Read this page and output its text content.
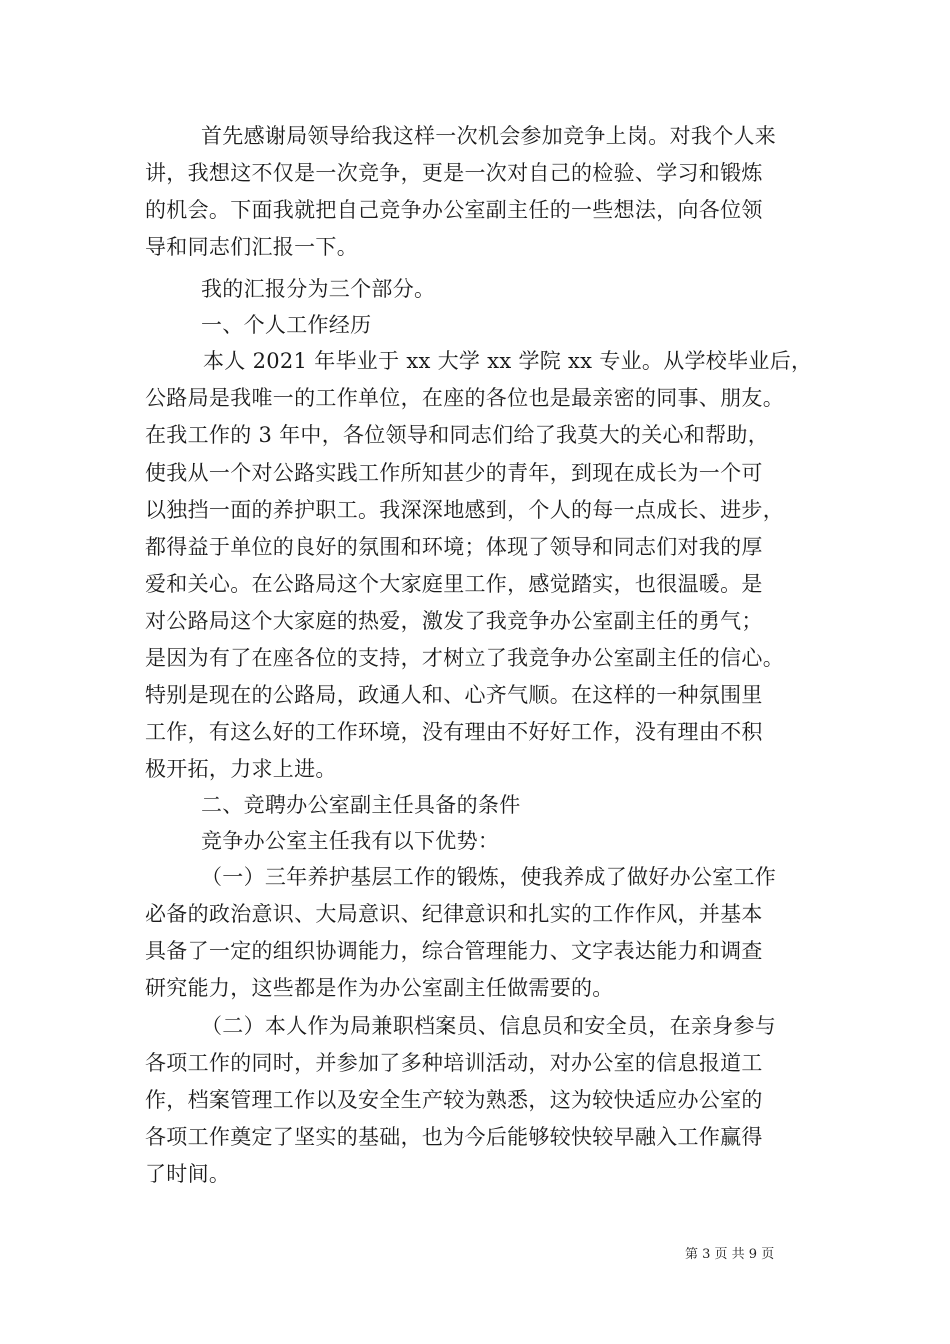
首先感谢局领导给我这样一次机会参加竞争上岗。对我个人来
讲，我想这不仅是一次竞争，更是一次对自己的检验、学习和锻炼
的机会。下面我就把自己竞争办公室副主任的一些想法，向各位领
导和同志们汇报一下。
我的汇报分为三个部分。
一、个人工作经历
本人 2021 年毕业于 xx 大学 xx 学院 xx 专业。从学校毕业后，
公路局是我唯一的工作单位，在座的各位也是最亲密的同事、朋友。
在我工作的 3 年中，各位领导和同志们给了我莫大的关心和帮助，
使我从一个对公路实践工作所知甚少的青年，到现在成长为一个可
以独挡一面的养护职工。我深深地感到，个人的每一点成长、进步，
都得益于单位的良好的氛围和环境；体现了领导和同志们对我的厚
爱和关心。在公路局这个大家庭里工作，感觉踏实，也很温暖。是
对公路局这个大家庭的热爱，激发了我竞争办公室副主任的勇气；
是因为有了在座各位的支持，才树立了我竞争办公室副主任的信心。
特别是现在的公路局，政通人和、心齐气顺。在这样的一种氛围里
工作，有这么好的工作环境，没有理由不好好工作，没有理由不积
极开拓，力求上进。
二、竞聘办公室副主任具备的条件
竞争办公室主任我有以下优势：
（一）三年养护基层工作的锻炼，使我养成了做好办公室工作
必备的政治意识、大局意识、纪律意识和扎实的工作作风，并基本
具备了一定的组织协调能力，综合管理能力、文字表达能力和调查
研究能力，这些都是作为办公室副主任做需要的。
（二）本人作为局兼职档案员、信息员和安全员，在亲身参与
各项工作的同时，并参加了多种培训活动，对办公室的信息报道工
作，档案管理工作以及安全生产较为熟悉，这为较快适应办公室的
各项工作奠定了坚实的基础，也为今后能够较快较早融入工作赢得
了时间。
第 3 页 共 9 页
